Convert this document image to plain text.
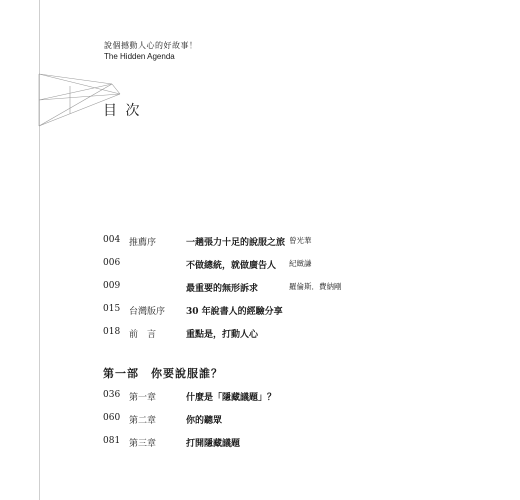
說個撼動人心的好故事！
The Hidden Agenda
目 次
004 推薦序	一趟張力十足的說服之旅 曾光華
006	不做總統，就做廣告人 紀緻謙
009	最重要的無形訴求	羅倫斯．費納剛
015 台灣版序 30 年說書人的經驗分享
018 前　言	重點是，打動人心
第一部　你要說服誰？
036 第一章	什麼是「隱藏議題」？
060 第二章	你的聽眾
081 第三章	打開隱藏議題
